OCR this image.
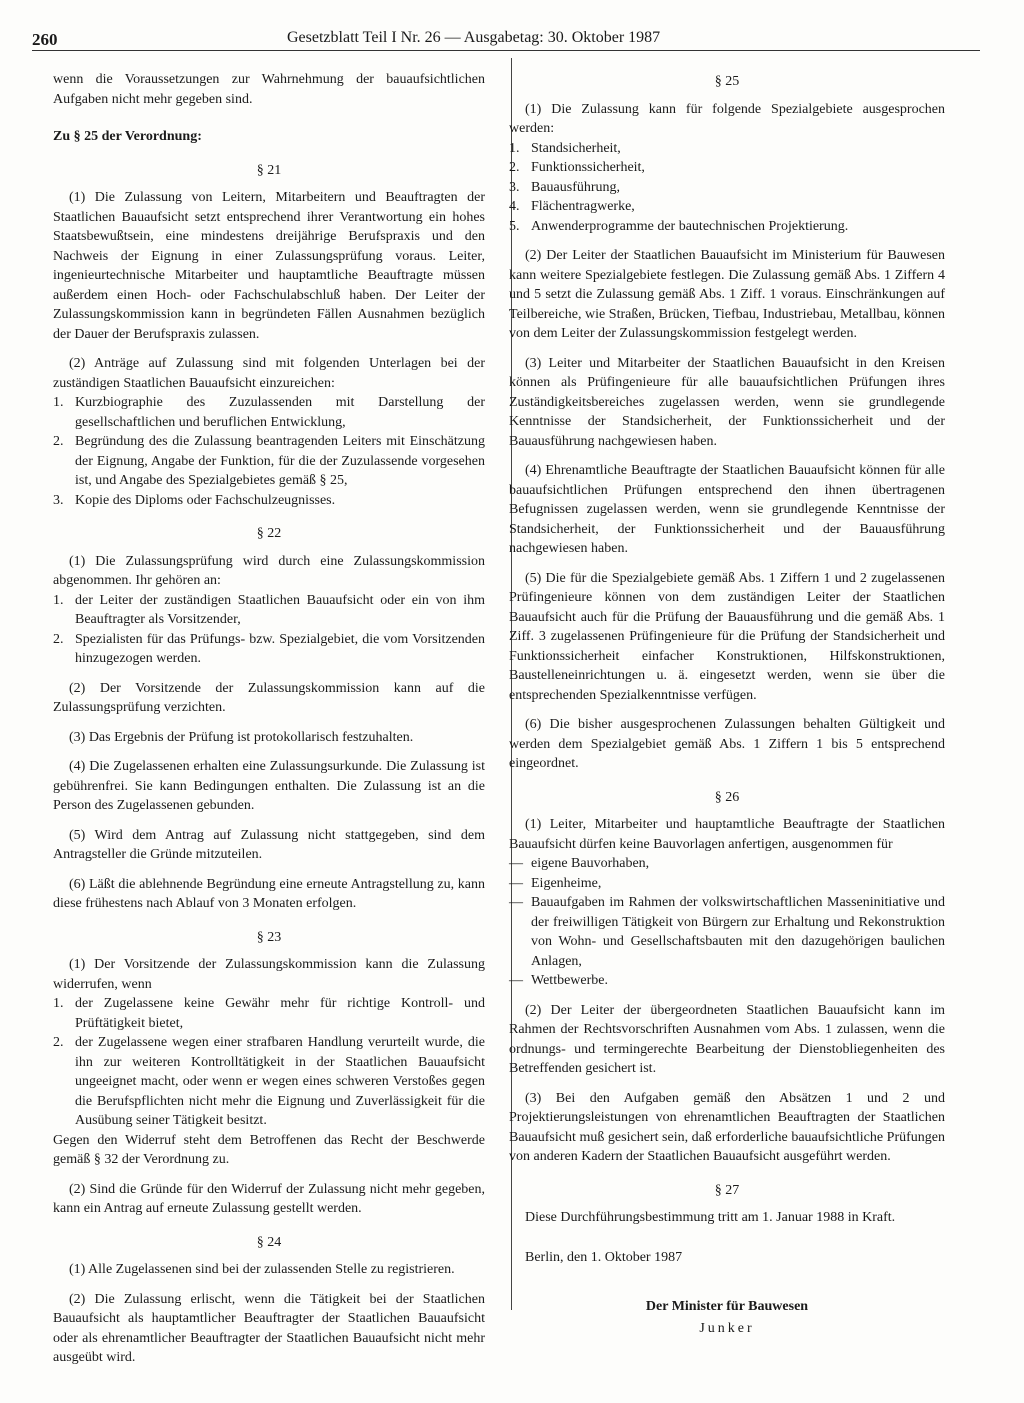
260	Gesetzblatt Teil I Nr. 26 — Ausgabetag: 30. Oktober 1987

wenn die Voraussetzungen zur Wahrnehmung der bauaufsichtlichen Aufgaben nicht mehr gegeben sind.

Zu § 25 der Verordnung:

§ 21

(1) Die Zulassung von Leitern, Mitarbeitern und Beauftragten der Staatlichen Bauaufsicht setzt entsprechend ihrer Verantwortung ein hohes Staatsbewußtsein, eine mindestens dreijährige Berufspraxis und den Nachweis der Eignung in einer Zulassungsprüfung voraus. Leiter, ingenieurtechnische Mitarbeiter und hauptamtliche Beauftragte müssen außerdem einen Hoch- oder Fachschulabschluß haben. Der Leiter der Zulassungskommission kann in begründeten Fällen Ausnahmen bezüglich der Dauer der Berufspraxis zulassen.

(2) Anträge auf Zulassung sind mit folgenden Unterlagen bei der zuständigen Staatlichen Bauaufsicht einzureichen:

1. Kurzbiographie des Zuzulassenden mit Darstellung der gesellschaftlichen und beruflichen Entwicklung,
2. Begründung des die Zulassung beantragenden Leiters mit Einschätzung der Eignung, Angabe der Funktion, für die der Zuzulassende vorgesehen ist, und Angabe des Spezialgebietes gemäß § 25,
3. Kopie des Diploms oder Fachschulzeugnisses.

§ 22

(1) Die Zulassungsprüfung wird durch eine Zulassungskommission abgenommen. Ihr gehören an:

1. der Leiter der zuständigen Staatlichen Bauaufsicht oder ein von ihm Beauftragter als Vorsitzender,
2. Spezialisten für das Prüfungs- bzw. Spezialgebiet, die vom Vorsitzenden hinzugezogen werden.

(2) Der Vorsitzende der Zulassungskommission kann auf die Zulassungsprüfung verzichten.

(3) Das Ergebnis der Prüfung ist protokollarisch festzuhalten.

(4) Die Zugelassenen erhalten eine Zulassungsurkunde. Die Zulassung ist gebührenfrei. Sie kann Bedingungen enthalten. Die Zulassung ist an die Person des Zugelassenen gebunden.

(5) Wird dem Antrag auf Zulassung nicht stattgegeben, sind dem Antragsteller die Gründe mitzuteilen.

(6) Läßt die ablehnende Begründung eine erneute Antragstellung zu, kann diese frühestens nach Ablauf von 3 Monaten erfolgen.

§ 23

(1) Der Vorsitzende der Zulassungskommission kann die Zulassung widerrufen, wenn

1. der Zugelassene keine Gewähr mehr für richtige Kontroll- und Prüftätigkeit bietet,
2. der Zugelassene wegen einer strafbaren Handlung verurteilt wurde, die ihn zur weiteren Kontrolltätigkeit in der Staatlichen Bauaufsicht ungeeignet macht, oder wenn er wegen eines schweren Verstoßes gegen die Berufspflichten nicht mehr die Eignung und Zuverlässigkeit für die Ausübung seiner Tätigkeit besitzt.

Gegen den Widerruf steht dem Betroffenen das Recht der Beschwerde gemäß § 32 der Verordnung zu.

(2) Sind die Gründe für den Widerruf der Zulassung nicht mehr gegeben, kann ein Antrag auf erneute Zulassung gestellt werden.

§ 24

(1) Alle Zugelassenen sind bei der zulassenden Stelle zu registrieren.

(2) Die Zulassung erlischt, wenn die Tätigkeit bei der Staatlichen Bauaufsicht als hauptamtlicher Beauftragter der Staatlichen Bauaufsicht oder als ehrenamtlicher Beauftragter der Staatlichen Bauaufsicht nicht mehr ausgeübt wird.

§ 25

(1) Die Zulassung kann für folgende Spezialgebiete ausgesprochen werden:

1. Standsicherheit,
2. Funktionssicherheit,
3. Bauausführung,
4. Flächentragwerke,
5. Anwenderprogramme der bautechnischen Projektierung.

(2) Der Leiter der Staatlichen Bauaufsicht im Ministerium für Bauwesen kann weitere Spezialgebiete festlegen. Die Zulassung gemäß Abs. 1 Ziffern 4 und 5 setzt die Zulassung gemäß Abs. 1 Ziff. 1 voraus. Einschränkungen auf Teilbereiche, wie Straßen, Brücken, Tiefbau, Industriebau, Metallbau, können von dem Leiter der Zulassungskommission festgelegt werden.

(3) Leiter und Mitarbeiter der Staatlichen Bauaufsicht in den Kreisen können als Prüfingenieure für alle bauaufsichtlichen Prüfungen ihres Zuständigkeitsbereiches zugelassen werden, wenn sie grundlegende Kenntnisse der Standsicherheit, der Funktionssicherheit und der Bauausführung nachgewiesen haben.

(4) Ehrenamtliche Beauftragte der Staatlichen Bauaufsicht können für alle bauaufsichtlichen Prüfungen entsprechend den ihnen übertragenen Befugnissen zugelassen werden, wenn sie grundlegende Kenntnisse der Standsicherheit, der Funktionssicherheit und der Bauausführung nachgewiesen haben.

(5) Die für die Spezialgebiete gemäß Abs. 1 Ziffern 1 und 2 zugelassenen Prüfingenieure können von dem zuständigen Leiter der Staatlichen Bauaufsicht auch für die Prüfung der Bauausführung und die gemäß Abs. 1 Ziff. 3 zugelassenen Prüfingenieure für die Prüfung der Standsicherheit und Funktionssicherheit einfacher Konstruktionen, Hilfskonstruktionen, Baustelleneinrichtungen u. ä. eingesetzt werden, wenn sie über die entsprechenden Spezialkenntnisse verfügen.

(6) Die bisher ausgesprochenen Zulassungen behalten Gültigkeit und werden dem Spezialgebiet gemäß Abs. 1 Ziffern 1 bis 5 entsprechend eingeordnet.

§ 26

(1) Leiter, Mitarbeiter und hauptamtliche Beauftragte der Staatlichen Bauaufsicht dürfen keine Bauvorlagen anfertigen, ausgenommen für

— eigene Bauvorhaben,
— Eigenheime,
— Bauaufgaben im Rahmen der volkswirtschaftlichen Masseninitiative und der freiwilligen Tätigkeit von Bürgern zur Erhaltung und Rekonstruktion von Wohn- und Gesellschaftsbauten mit den dazugehörigen baulichen Anlagen,
— Wettbewerbe.

(2) Der Leiter der übergeordneten Staatlichen Bauaufsicht kann im Rahmen der Rechtsvorschriften Ausnahmen vom Abs. 1 zulassen, wenn die ordnungs- und termingerechte Bearbeitung der Dienstobliegenheiten des Betreffenden gesichert ist.

(3) Bei den Aufgaben gemäß den Absätzen 1 und 2 und Projektierungsleistungen von ehrenamtlichen Beauftragten der Staatlichen Bauaufsicht muß gesichert sein, daß erforderliche bauaufsichtliche Prüfungen von anderen Kadern der Staatlichen Bauaufsicht ausgeführt werden.

§ 27

Diese Durchführungsbestimmung tritt am 1. Januar 1988 in Kraft.

Berlin, den 1. Oktober 1987

Der Minister für Bauwesen

Junker
